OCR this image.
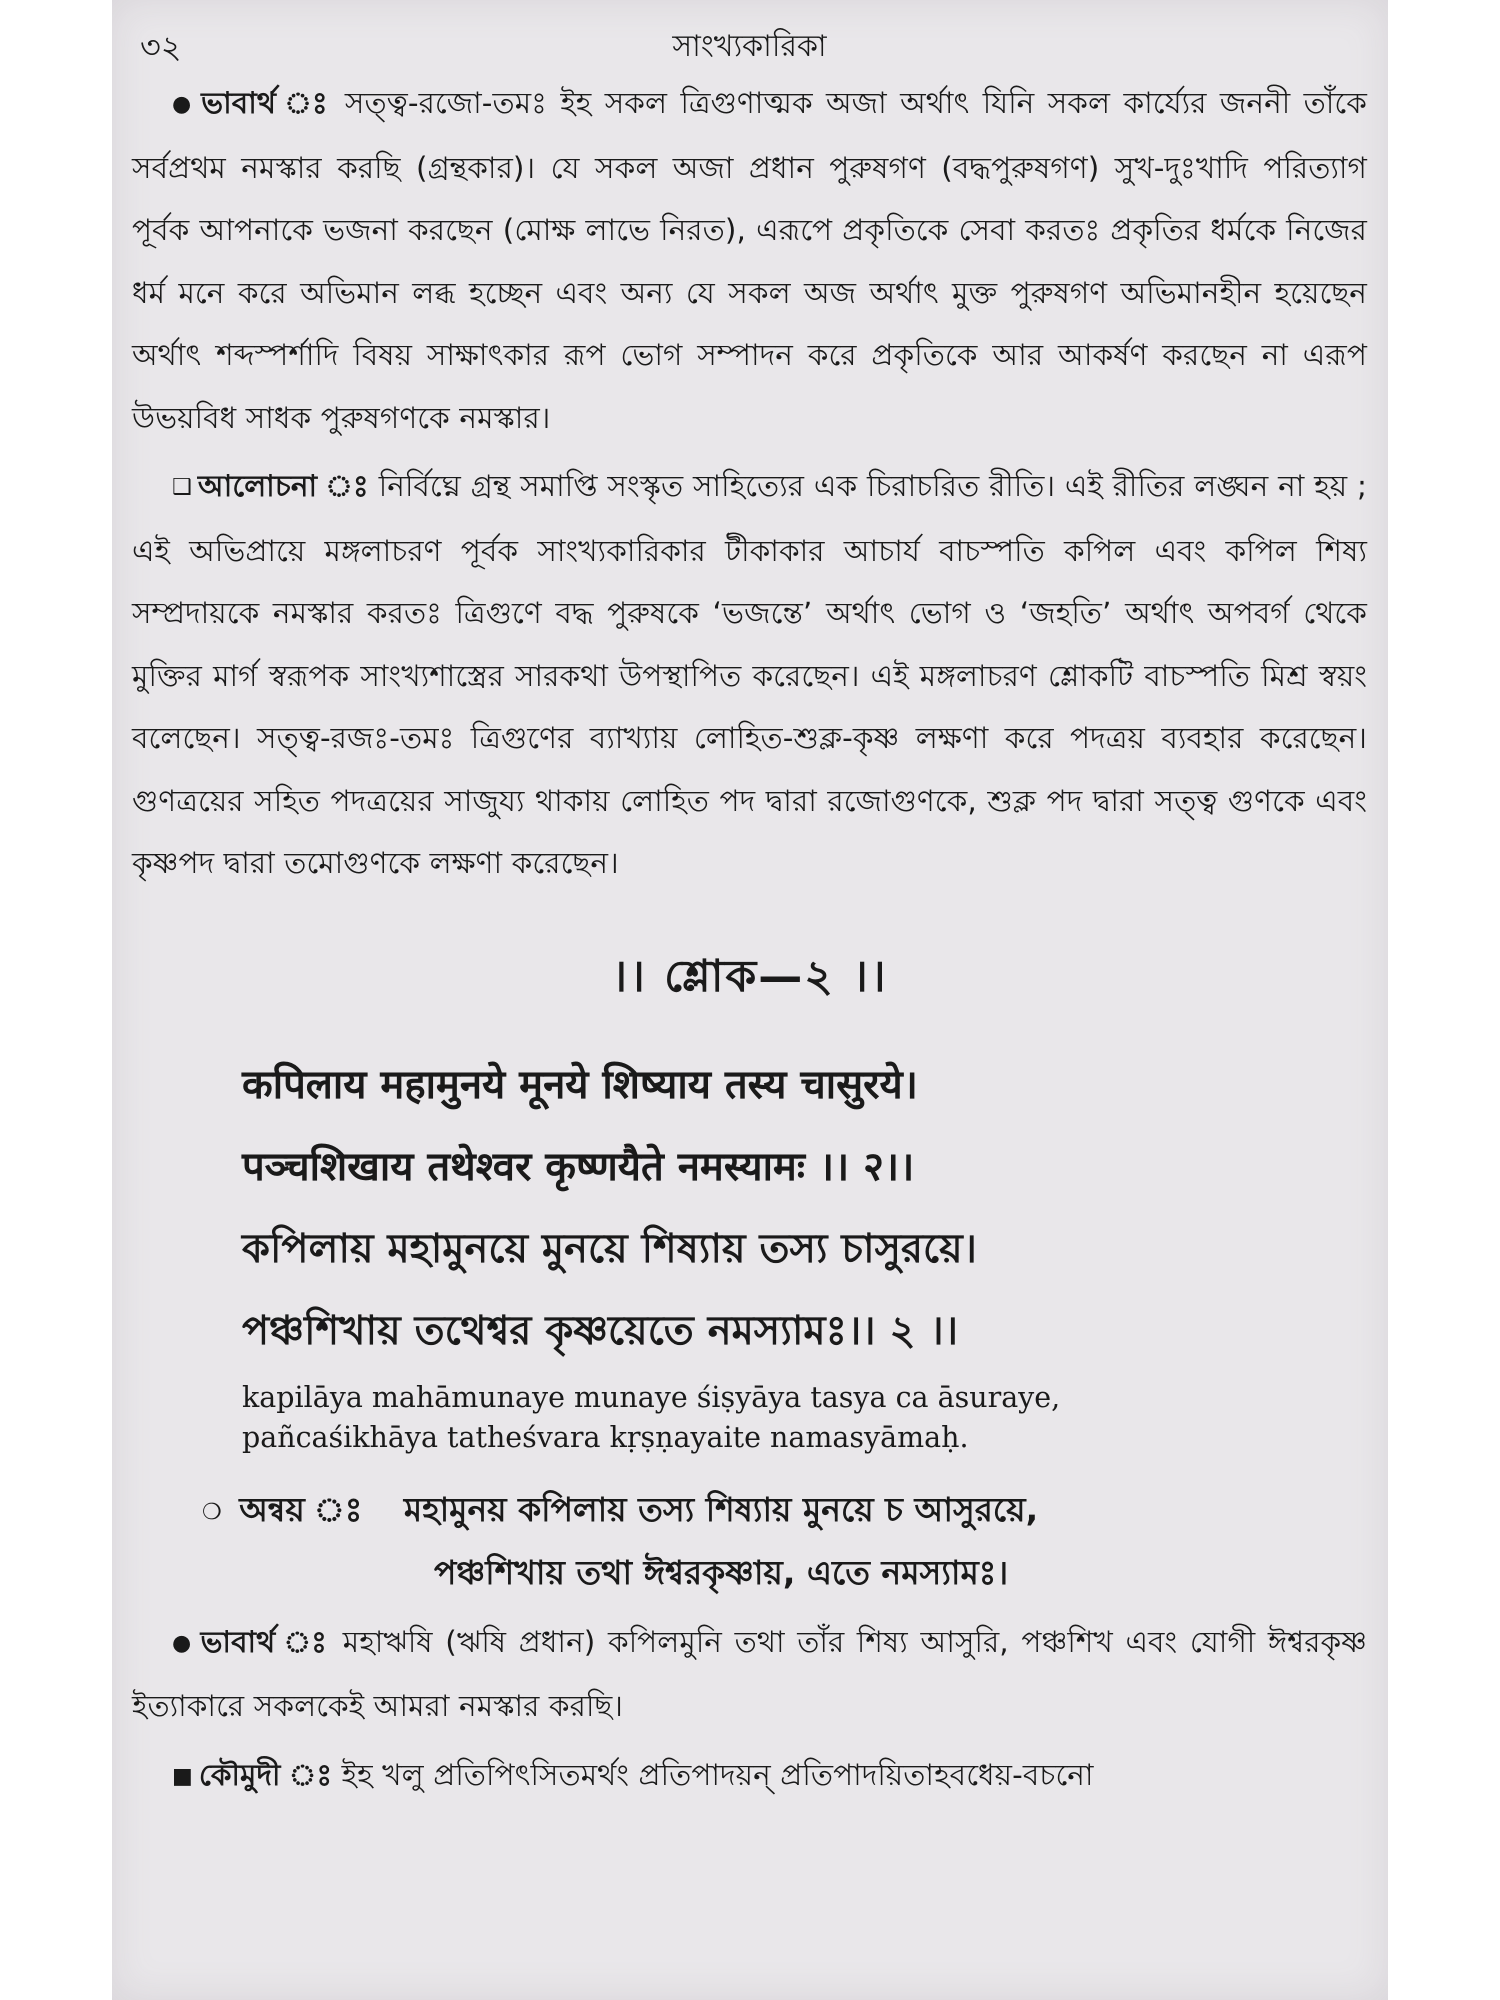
৩২	সাংখ্যকারিকা

● ভাবার্থ ঃ সত্ত্ব-রজো-তমঃ ইহ সকল ত্রিগুণাত্মক অজা অর্থাৎ যিনি সকল কার্য্যের জননী তাঁকে সর্বপ্রথম নমস্কার করছি (গ্রন্থকার)। যে সকল অজা প্রধান পুরুষগণ (বদ্ধপুরুষগণ) সুখ-দুঃখাদি পরিত্যাগ পূর্বক আপনাকে ভজনা করছেন (মোক্ষ লাভে নিরত), এরূপে প্রকৃতিকে সেবা করতঃ প্রকৃতির ধর্মকে নিজের ধর্ম মনে করে অভিমান লব্ধ হচ্ছেন এবং অন্য যে সকল অজ অর্থাৎ মুক্ত পুরুষগণ অভিমানহীন হয়েছেন অর্থাৎ শব্দস্পর্শাদি বিষয় সাক্ষাৎকার রূপ ভোগ সম্পাদন করে প্রকৃতিকে আর আকর্ষণ করছেন না এরূপ উভয়বিধ সাধক পুরুষগণকে নমস্কার।

❑ আলোচনা ঃ নির্বিঘ্নে গ্রন্থ সমাপ্তি সংস্কৃত সাহিত্যের এক চিরাচরিত রীতি। এই রীতির লঙ্ঘন না হয় ; এই অভিপ্রায়ে মঙ্গলাচরণ পূর্বক সাংখ্যকারিকার টীকাকার আচার্য বাচস্পতি কপিল এবং কপিল শিষ্য সম্প্রদায়কে নমস্কার করতঃ ত্রিগুণে বদ্ধ পুরুষকে ‘ভজন্তে’ অর্থাৎ ভোগ ও ‘জহতি’ অর্থাৎ অপবর্গ থেকে মুক্তির মার্গ স্বরূপক সাংখ্যশাস্ত্রের সারকথা উপস্থাপিত করেছেন। এই মঙ্গলাচরণ শ্লোকটি বাচস্পতি মিশ্র স্বয়ং বলেছেন। সত্ত্ব-রজঃ-তমঃ ত্রিগুণের ব্যাখ্যায় লোহিত-শুক্ল-কৃষ্ণ লক্ষণা করে পদত্রয় ব্যবহার করেছেন। গুণত্রয়ের সহিত পদত্রয়ের সাজুয্য থাকায় লোহিত পদ দ্বারা রজোগুণকে, শুক্ল পদ দ্বারা সত্ত্ব গুণকে এবং কৃষ্ণপদ দ্বারা তমোগুণকে লক্ষণা করেছেন।

।। শ্লোক—২ ।।

कपिलाय महामुनये मूनये शिष्याय तस्य चासुरये।

पञ्चशिखाय तथेश्वर कृष्णयैते नमस्यामः ।। २।।

কপিলায় মহামুনয়ে মুনয়ে শিষ্যায় তস্য চাসুরয়ে।

পঞ্চশিখায় তথেশ্বর কৃষ্ণয়েতে নমস্যামঃ।। ২ ।।

kapilāya mahāmunaye munaye śiṣyāya tasya ca āsuraye,

pañcaśikhāya tatheśvara kṛṣṇayaite namasyāmaḥ.

❍ অন্বয় ঃ মহামুনয় কপিলায় তস্য শিষ্যায় মুনয়ে চ আসুরয়ে,
পঞ্চশিখায় তথা ঈশ্বরকৃষ্ণায়, এতে নমস্যামঃ।

● ভাবার্থ ঃ মহাঋষি (ঋষি প্রধান) কপিলমুনি তথা তাঁর শিষ্য আসুরি, পঞ্চশিখ এবং যোগী ঈশ্বরকৃষ্ণ ইত্যাকারে সকলকেই আমরা নমস্কার করছি।

■ কৌমুদী ঃ ইহ খলু প্রতিপিৎসিতমর্থং প্রতিপাদয়ন্ প্রতিপাদয়িতাহবধেয়-বচনো
